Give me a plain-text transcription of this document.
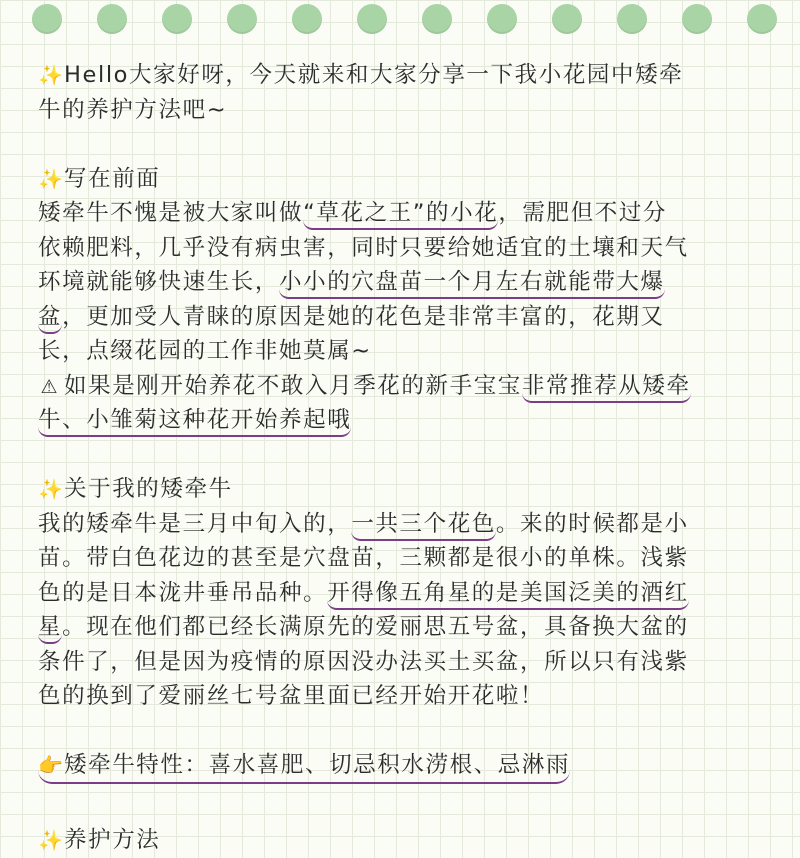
✨Hello大家好呀，今天就来和大家分享一下我小花园中矮牵
牛的养护方法吧~
✨写在前面
矮牵牛不愧是被大家叫做“草花之王”的小花，需肥但不过分
依赖肥料，几乎没有病虫害，同时只要给她适宜的土壤和天气
环境就能够快速生长，小小的穴盘苗一个月左右就能带大爆
盆，更加受人青睐的原因是她的花色是非常丰富的，花期又
长，点缀花园的工作非她莫属~
⚠ 如果是刚开始养花不敢入月季花的新手宝宝非常推荐从矮牵
牛、小雏菊这种花开始养起哦
✨关于我的矮牵牛
我的矮牵牛是三月中旬入的，一共三个花色。来的时候都是小
苗。带白色花边的甚至是穴盘苗，三颗都是很小的单株。浅紫
色的是日本泷井垂吊品种。开得像五角星的是美国泛美的酒红
星。现在他们都已经长满原先的爱丽思五号盆，具备换大盆的
条件了，但是因为疫情的原因没办法买土买盆，所以只有浅紫
色的换到了爱丽丝七号盆里面已经开始开花啦！
👉矮牵牛特性：喜水喜肥、切忌积水涝根、忌淋雨
✨养护方法
